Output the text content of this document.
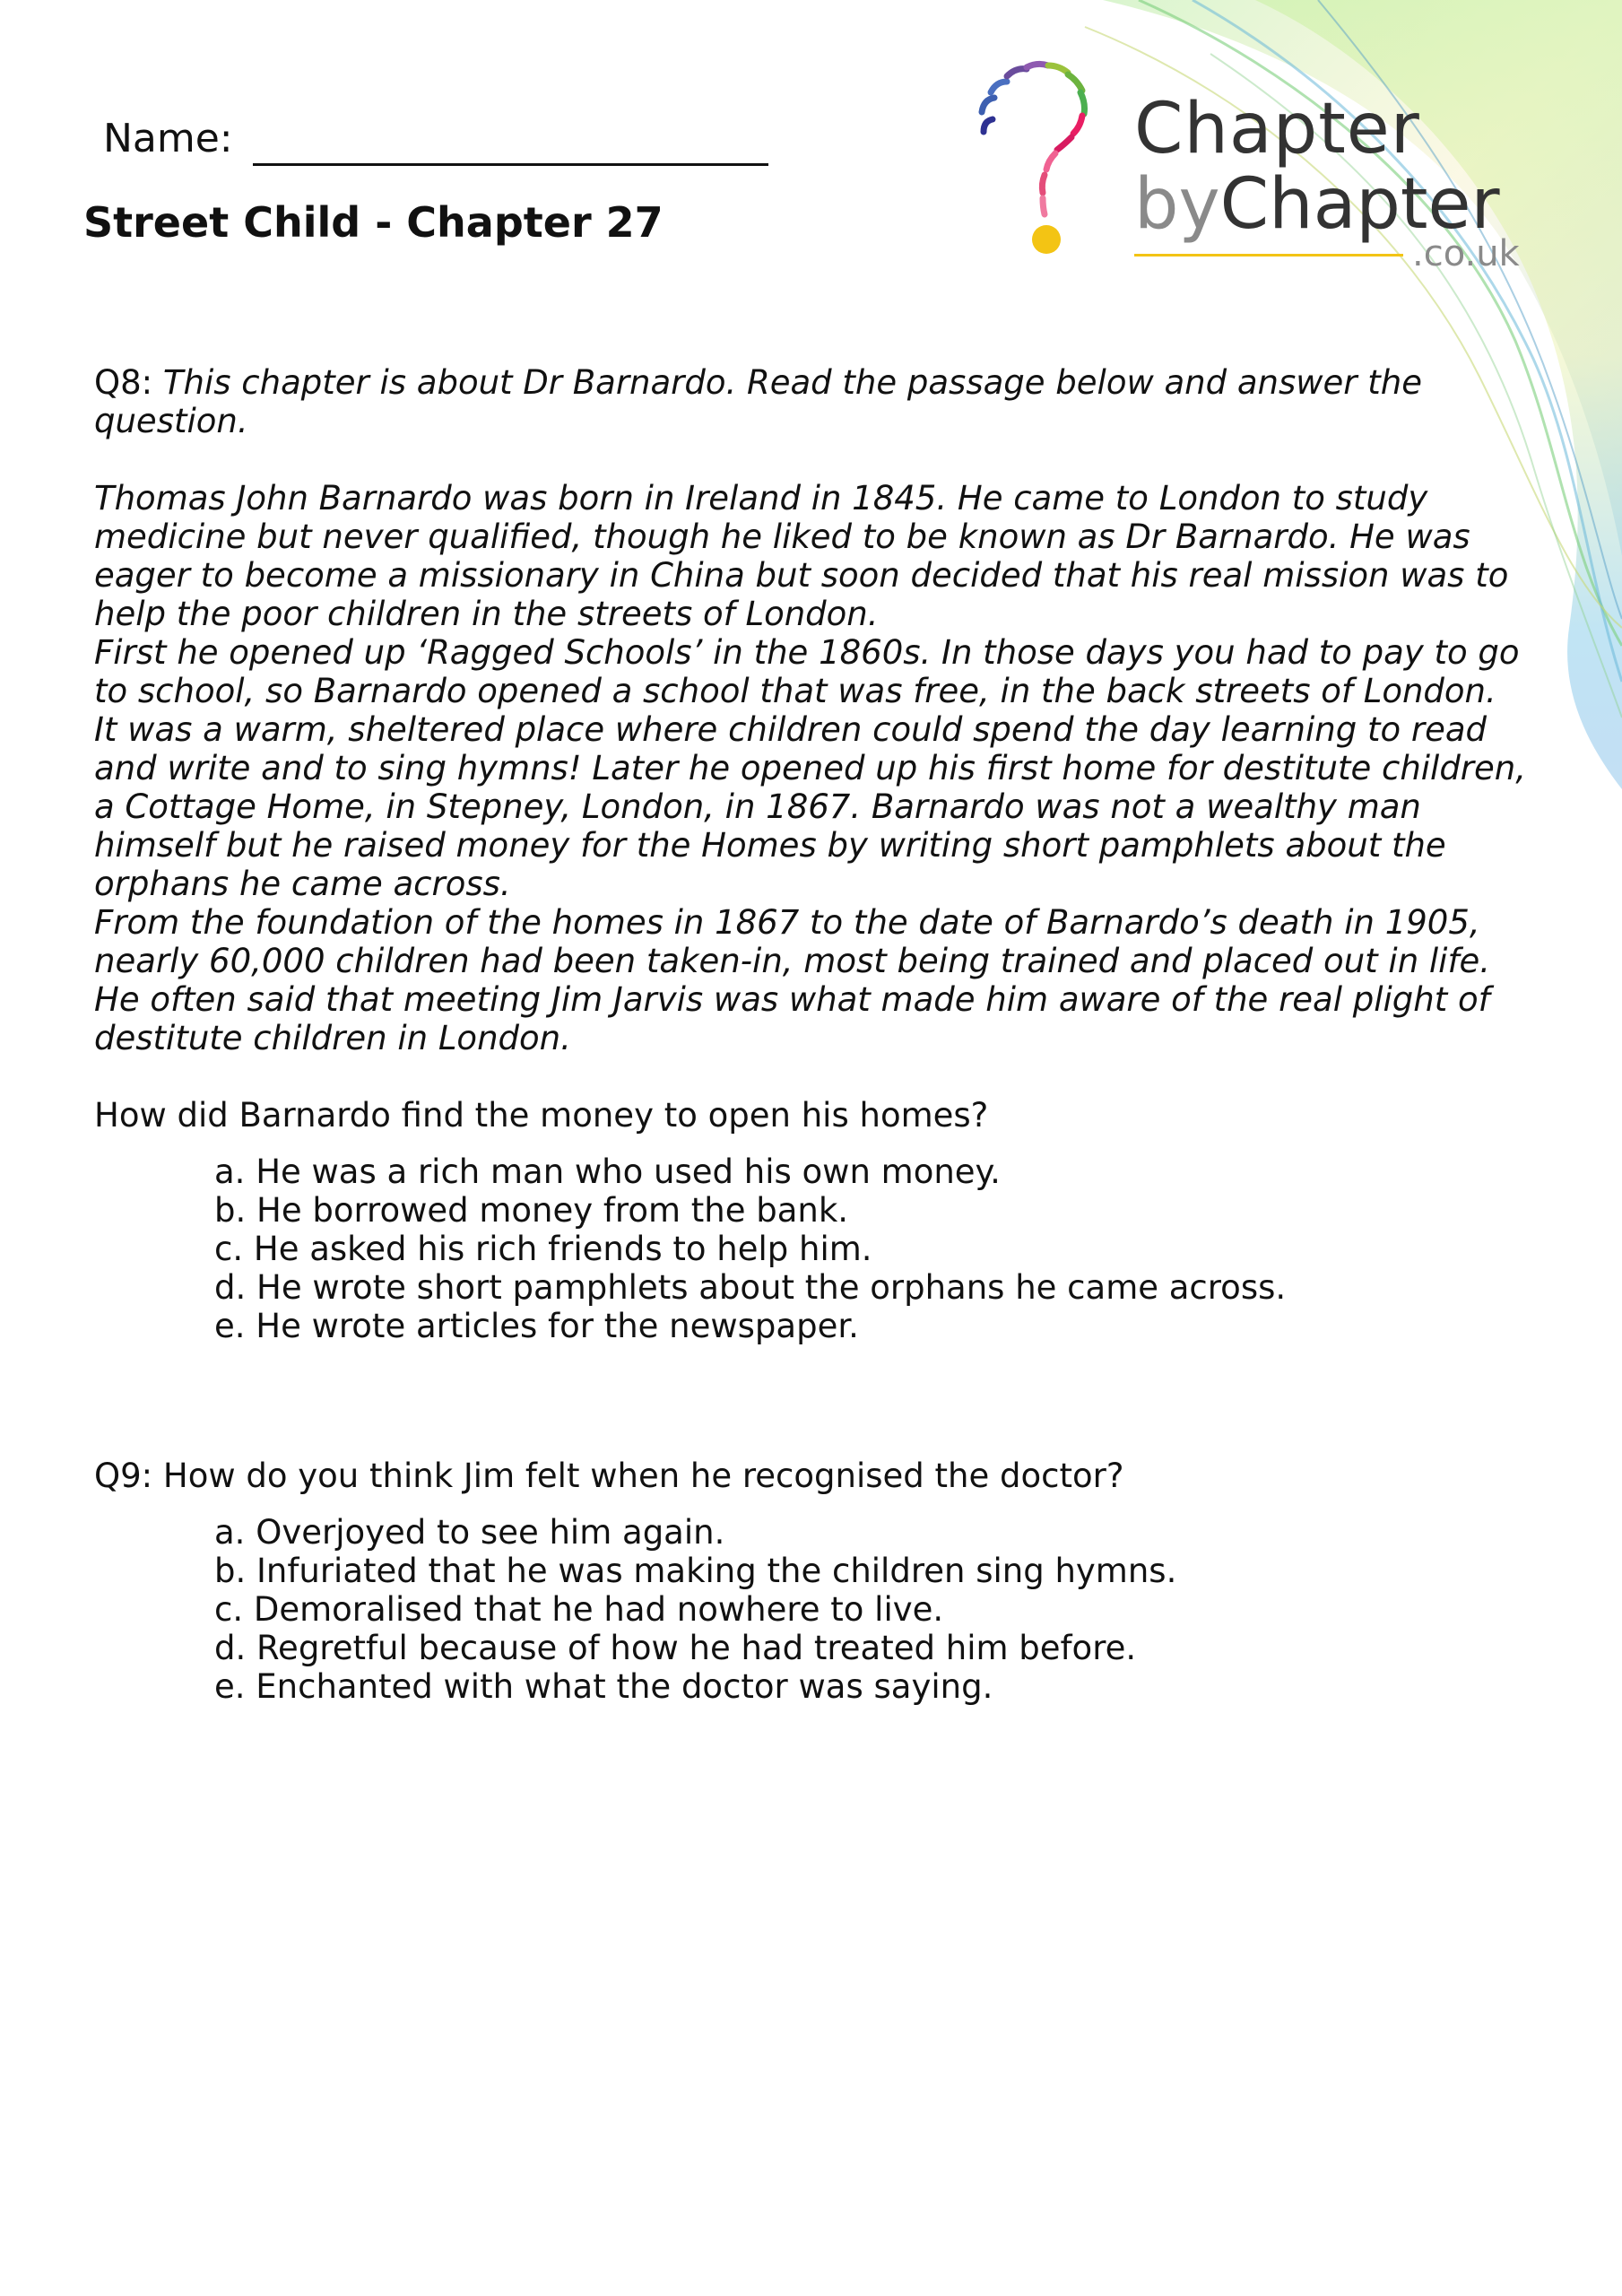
Name:
Street Child - Chapter 27
Chapter
byChapter
.co.uk

Q8: This chapter is about Dr Barnardo. Read the passage below and answer the question.

Thomas John Barnardo was born in Ireland in 1845. He came to London to study medicine but never qualified, though he liked to be known as Dr Barnardo. He was eager to become a missionary in China but soon decided that his real mission was to help the poor children in the streets of London.

First he opened up ‘Ragged Schools’ in the 1860s. In those days you had to pay to go to school, so Barnardo opened a school that was free, in the back streets of London. It was a warm, sheltered place where children could spend the day learning to read and write and to sing hymns! Later he opened up his first home for destitute children, a Cottage Home, in Stepney, London, in 1867. Barnardo was not a wealthy man himself but he raised money for the Homes by writing short pamphlets about the orphans he came across.

From the foundation of the homes in 1867 to the date of Barnardo’s death in 1905, nearly 60,000 children had been taken-in, most being trained and placed out in life. He often said that meeting Jim Jarvis was what made him aware of the real plight of destitute children in London.

How did Barnardo find the money to open his homes?

a. He was a rich man who used his own money.
b. He borrowed money from the bank.
c. He asked his rich friends to help him.
d. He wrote short pamphlets about the orphans he came across.
e. He wrote articles for the newspaper.

Q9: How do you think Jim felt when he recognised the doctor?

a. Overjoyed to see him again.
b. Infuriated that he was making the children sing hymns.
c. Demoralised that he had nowhere to live.
d. Regretful because of how he had treated him before.
e. Enchanted with what the doctor was saying.
